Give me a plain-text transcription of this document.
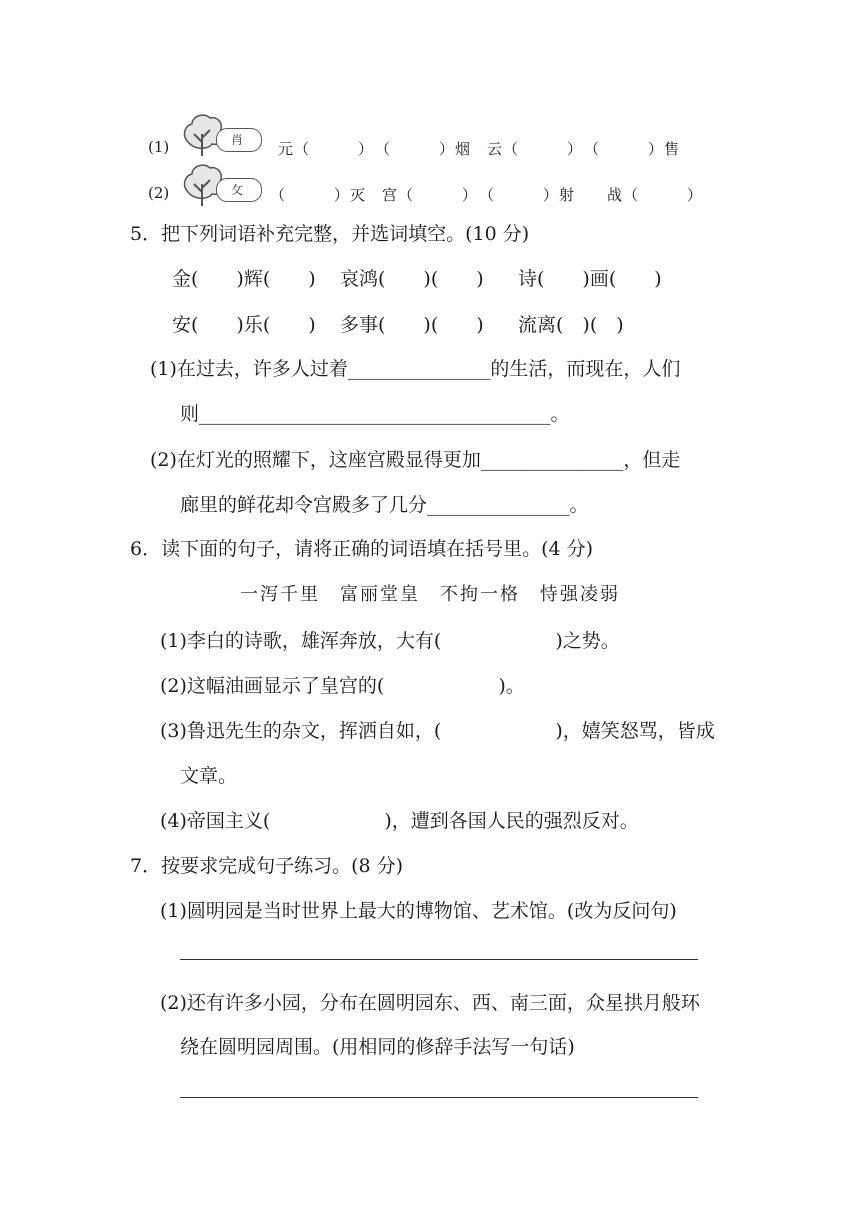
(1)	肖	元（　　　）　（　　　）烟　云（　　　）　（　　　）售
(2)	攵	（　　　）灭　宫（　　　）　（　　　）射　　战（　　　）
5．把下列词语补充完整，并选词填空。(10 分)
金(　　)辉(　　) 哀鸿(　　)(　　) 诗(　　)画(　　)
安(　　)乐(　　) 多事(　　)(　　) 流离(　)(　)
(1)在过去，许多人过着_______________的生活，而现在，人们
则_____________________________________。
(2)在灯光的照耀下，这座宫殿显得更加_______________，但走
廊里的鲜花却令宫殿多了几分_______________。
6．读下面的句子，请将正确的词语填在括号里。(4 分)
一泻千里　富丽堂皇　不拘一格　恃强凌弱
(1)李白的诗歌，雄浑奔放，大有(　　　　　　)之势。
(2)这幅油画显示了皇宫的(　　　　　　)。
(3)鲁迅先生的杂文，挥洒自如，(　　　　　　)，嬉笑怒骂，皆成
文章。
(4)帝国主义(　　　　　　)，遭到各国人民的强烈反对。
7．按要求完成句子练习。(8 分)
(1)圆明园是当时世界上最大的博物馆、艺术馆。(改为反问句)
(2)还有许多小园，分布在圆明园东、西、南三面，众星拱月般环
绕在圆明园周围。(用相同的修辞手法写一句话)
